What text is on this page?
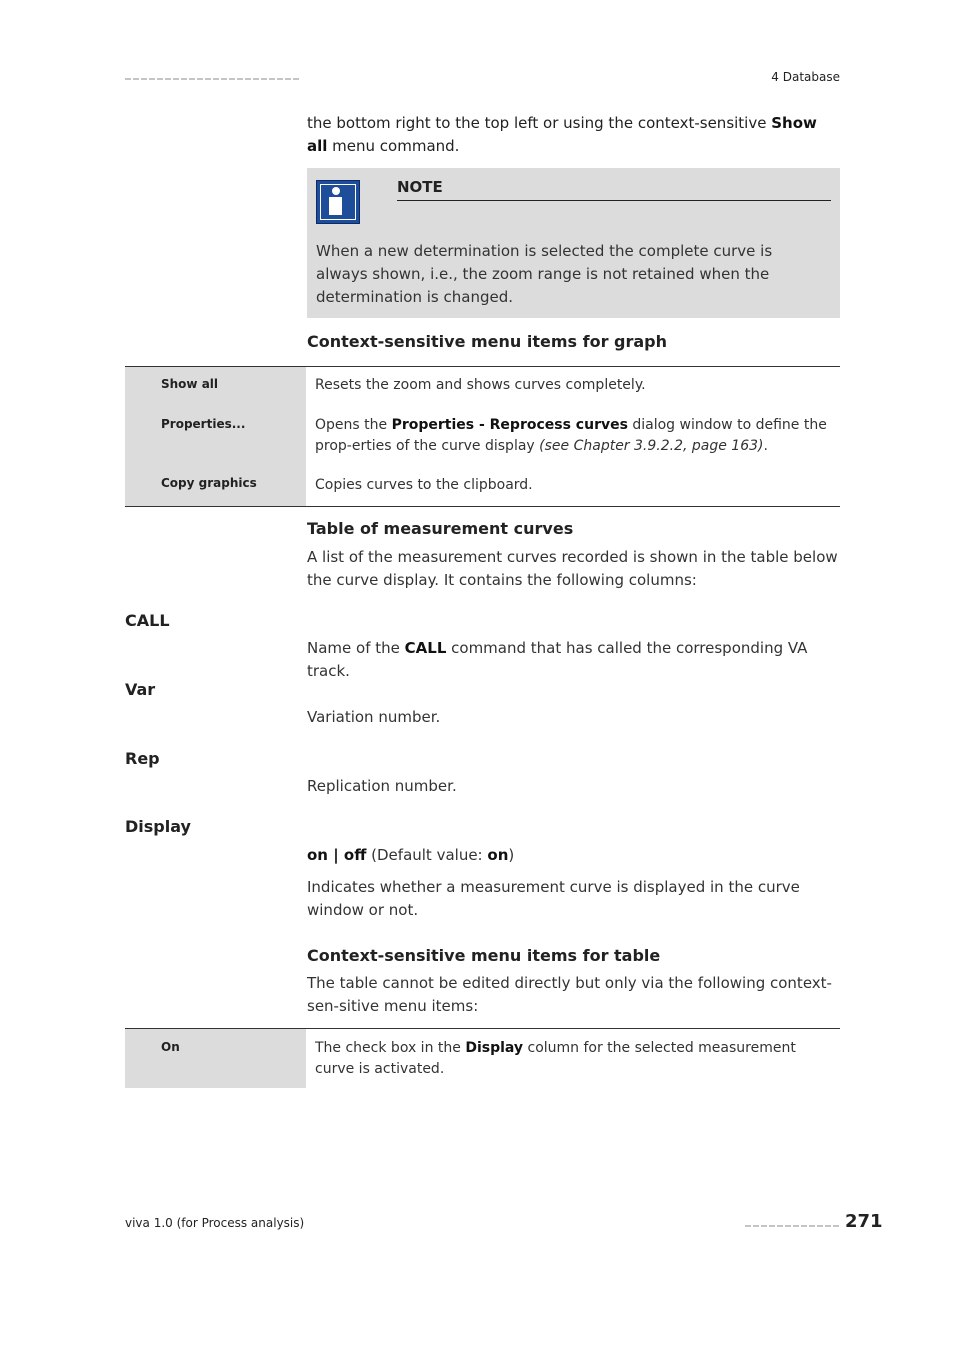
4 Database
the bottom right to the top left or using the context-sensitive Show all menu command.
NOTE
When a new determination is selected the complete curve is always shown, i.e., the zoom range is not retained when the determination is changed.
Context-sensitive menu items for graph
Show all	Resets the zoom and shows curves completely.
Properties...	Opens the Properties - Reprocess curves dialog window to define the prop-erties of the curve display (see Chapter 3.9.2.2, page 163).
Copy graphics	Copies curves to the clipboard.
Table of measurement curves
A list of the measurement curves recorded is shown in the table below the curve display. It contains the following columns:
CALL
Name of the CALL command that has called the corresponding VA track.
Var
Variation number.
Rep
Replication number.
Display
on | off (Default value: on)
Indicates whether a measurement curve is displayed in the curve window or not.
Context-sensitive menu items for table
The table cannot be edited directly but only via the following context-sen-sitive menu items:
On	The check box in the Display column for the selected measurement curve is activated.
viva 1.0 (for Process analysis)	271
